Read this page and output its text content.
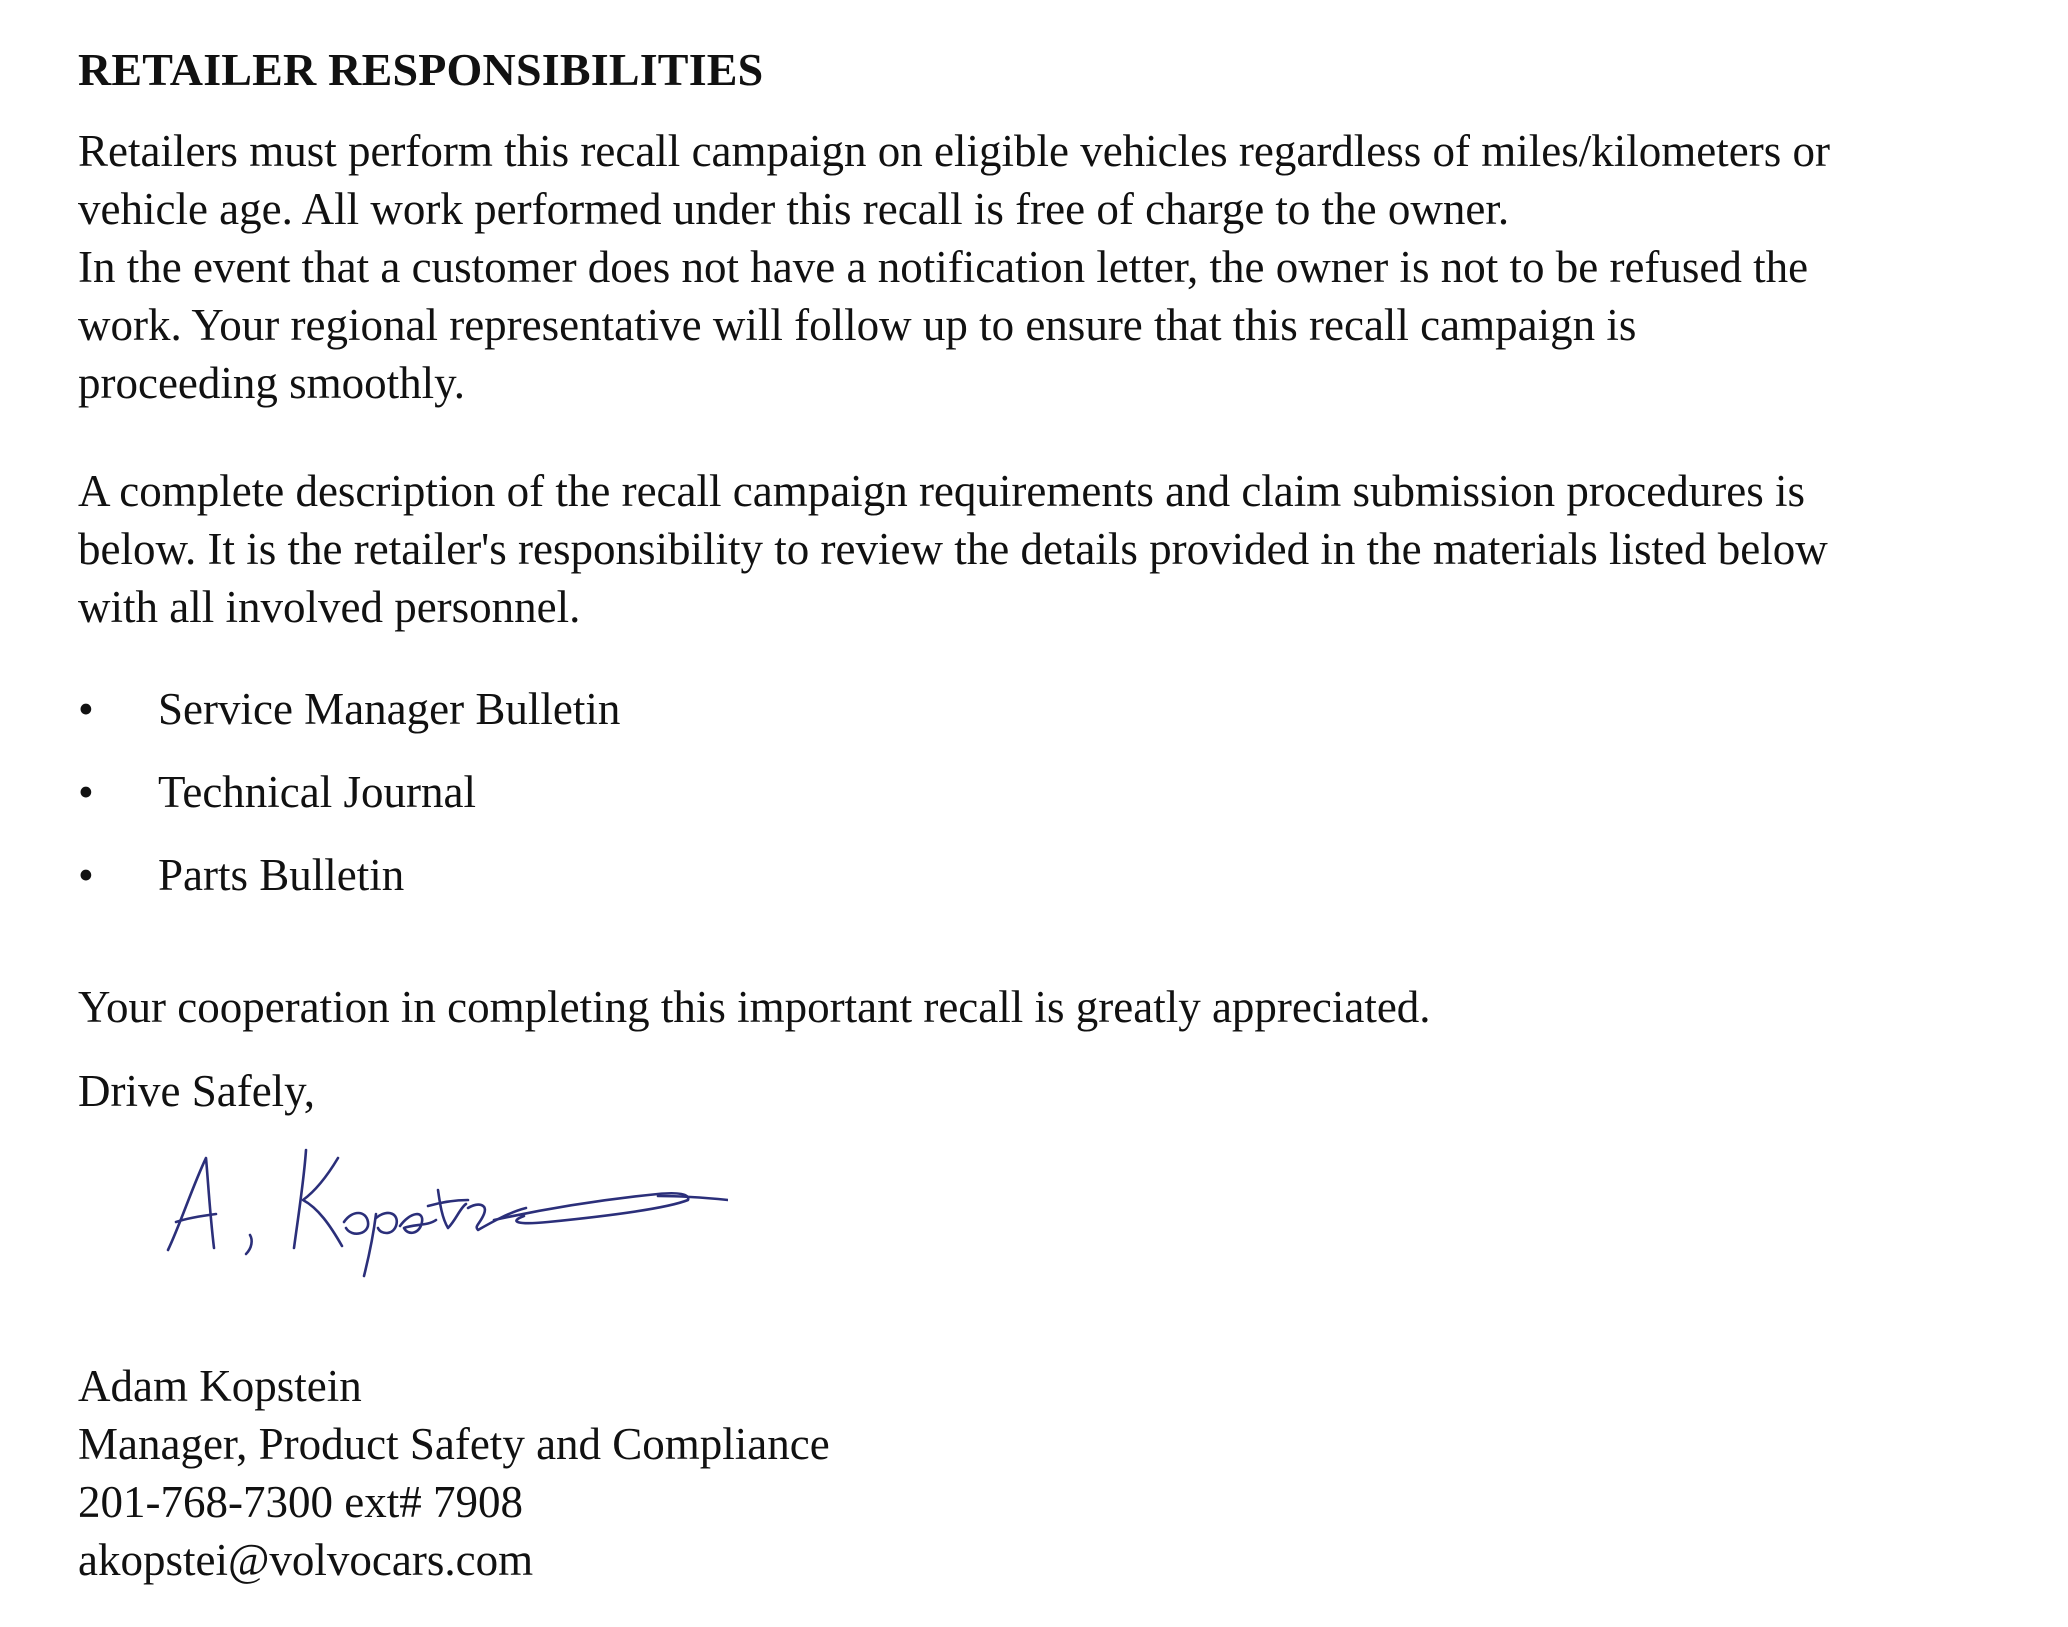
RETAILER RESPONSIBILITIES

Retailers must perform this recall campaign on eligible vehicles regardless of miles/kilometers or
vehicle age. All work performed under this recall is free of charge to the owner.
In the event that a customer does not have a notification letter, the owner is not to be refused the
work. Your regional representative will follow up to ensure that this recall campaign is
proceeding smoothly.

A complete description of the recall campaign requirements and claim submission procedures is
below. It is the retailer's responsibility to review the details provided in the materials listed below
with all involved personnel.

• Service Manager Bulletin
• Technical Journal
• Parts Bulletin

Your cooperation in completing this important recall is greatly appreciated.

Drive Safely,

Adam Kopstein
Manager, Product Safety and Compliance
201-768-7300 ext# 7908
akopstei@volvocars.com
